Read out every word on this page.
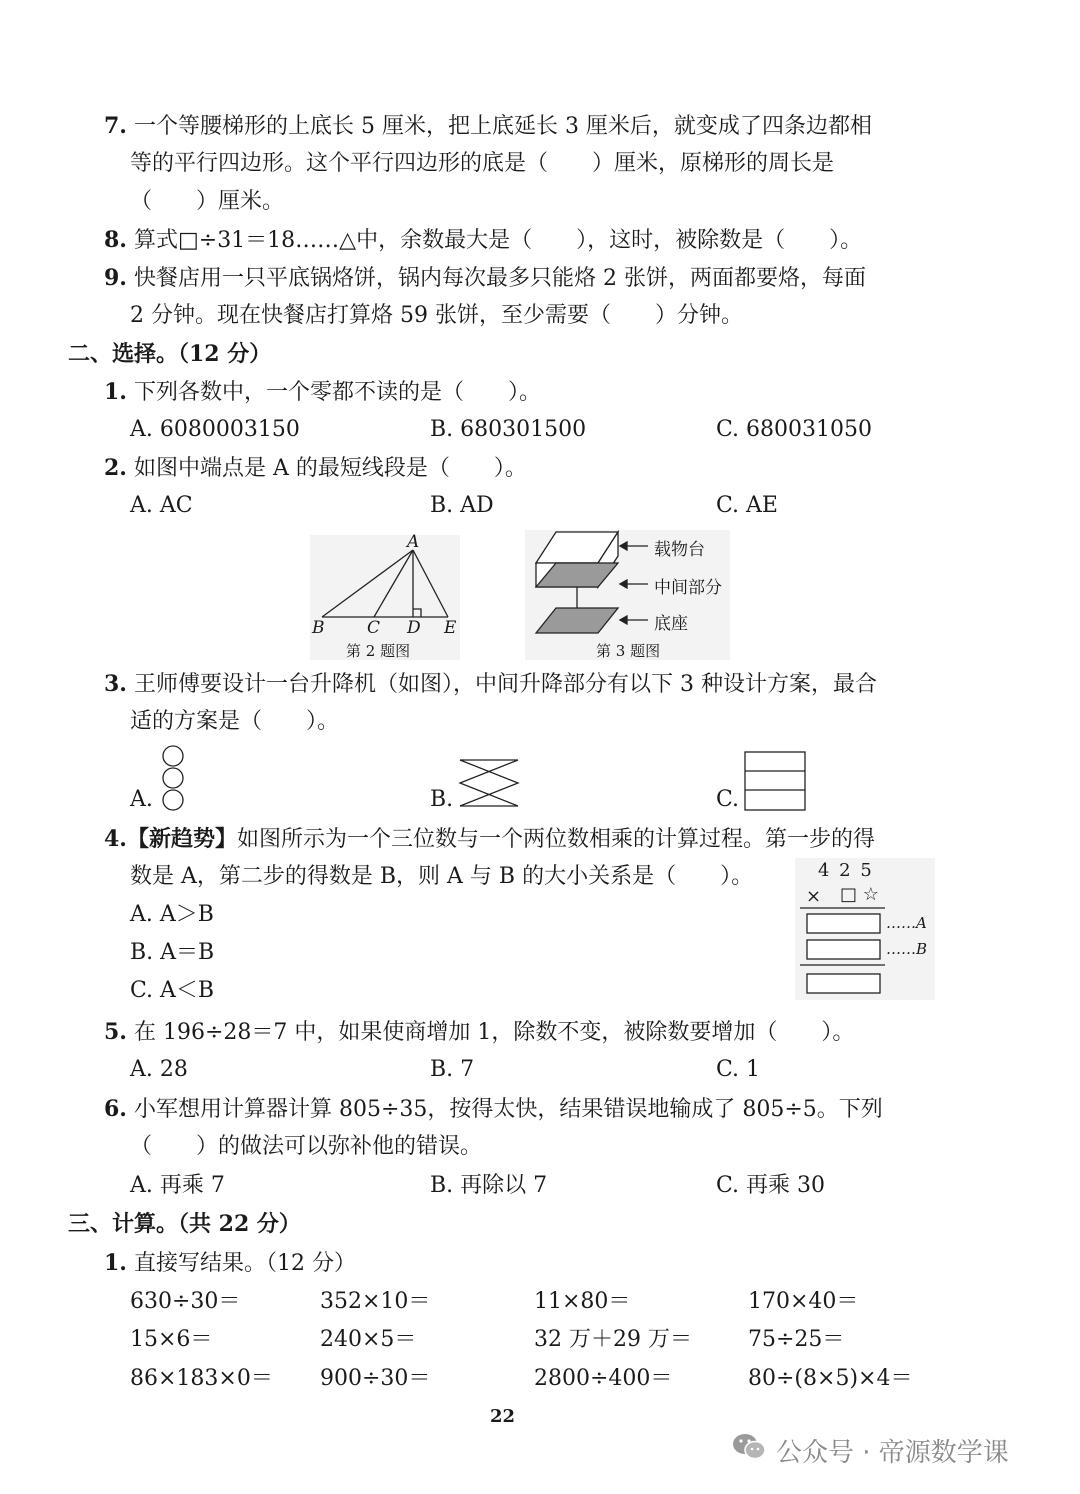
7. 一个等腰梯形的上底长 5 厘米，把上底延长 3 厘米后，就变成了四条边都相
等的平行四边形。这个平行四边形的底是（　　）厘米，原梯形的周长是
（　　）厘米。
8. 算式□÷31＝18……△中，余数最大是（　　），这时，被除数是（　　）。
9. 快餐店用一只平底锅烙饼，锅内每次最多只能烙 2 张饼，两面都要烙，每面
2 分钟。现在快餐店打算烙 59 张饼，至少需要（　　）分钟。
二、选择。（12 分）
1. 下列各数中，一个零都不读的是（　　）。
A. 6080003150	B. 680301500	C. 680031050
2. 如图中端点是 A 的最短线段是（　　）。
A. AC	B. AD	C. AE
A
B	C D E
第 2 题图
载物台
中间部分
底座
第 3 题图
3. 王师傅要设计一台升降机（如图），中间升降部分有以下 3 种设计方案，最合
适的方案是（　　）。
A.	B.	C.
4.【新趋势】如图所示为一个三位数与一个两位数相乘的计算过程。第一步的得
数是 A，第二步的得数是 B，则 A 与 B 的大小关系是（　　）。
A. A＞B
B. A＝B
C. A＜B
4 2 5
× □ ☆
……A
……B
5. 在 196÷28＝7 中，如果使商增加 1，除数不变，被除数要增加（　　）。
A. 28	B. 7	C. 1
6. 小军想用计算器计算 805÷35，按得太快，结果错误地输成了 805÷5。下列
（　　）的做法可以弥补他的错误。
A. 再乘 7	B. 再除以 7	C. 再乘 30
三、计算。（共 22 分）
1. 直接写结果。（12 分）
630÷30＝	352×10＝	11×80＝	170×40＝
15×6＝	240×5＝	32 万＋29 万＝	75÷25＝
86×183×0＝ 900÷30＝	2800÷400＝	80÷(8×5)×4＝
22
公众号 · 帝源数学课
